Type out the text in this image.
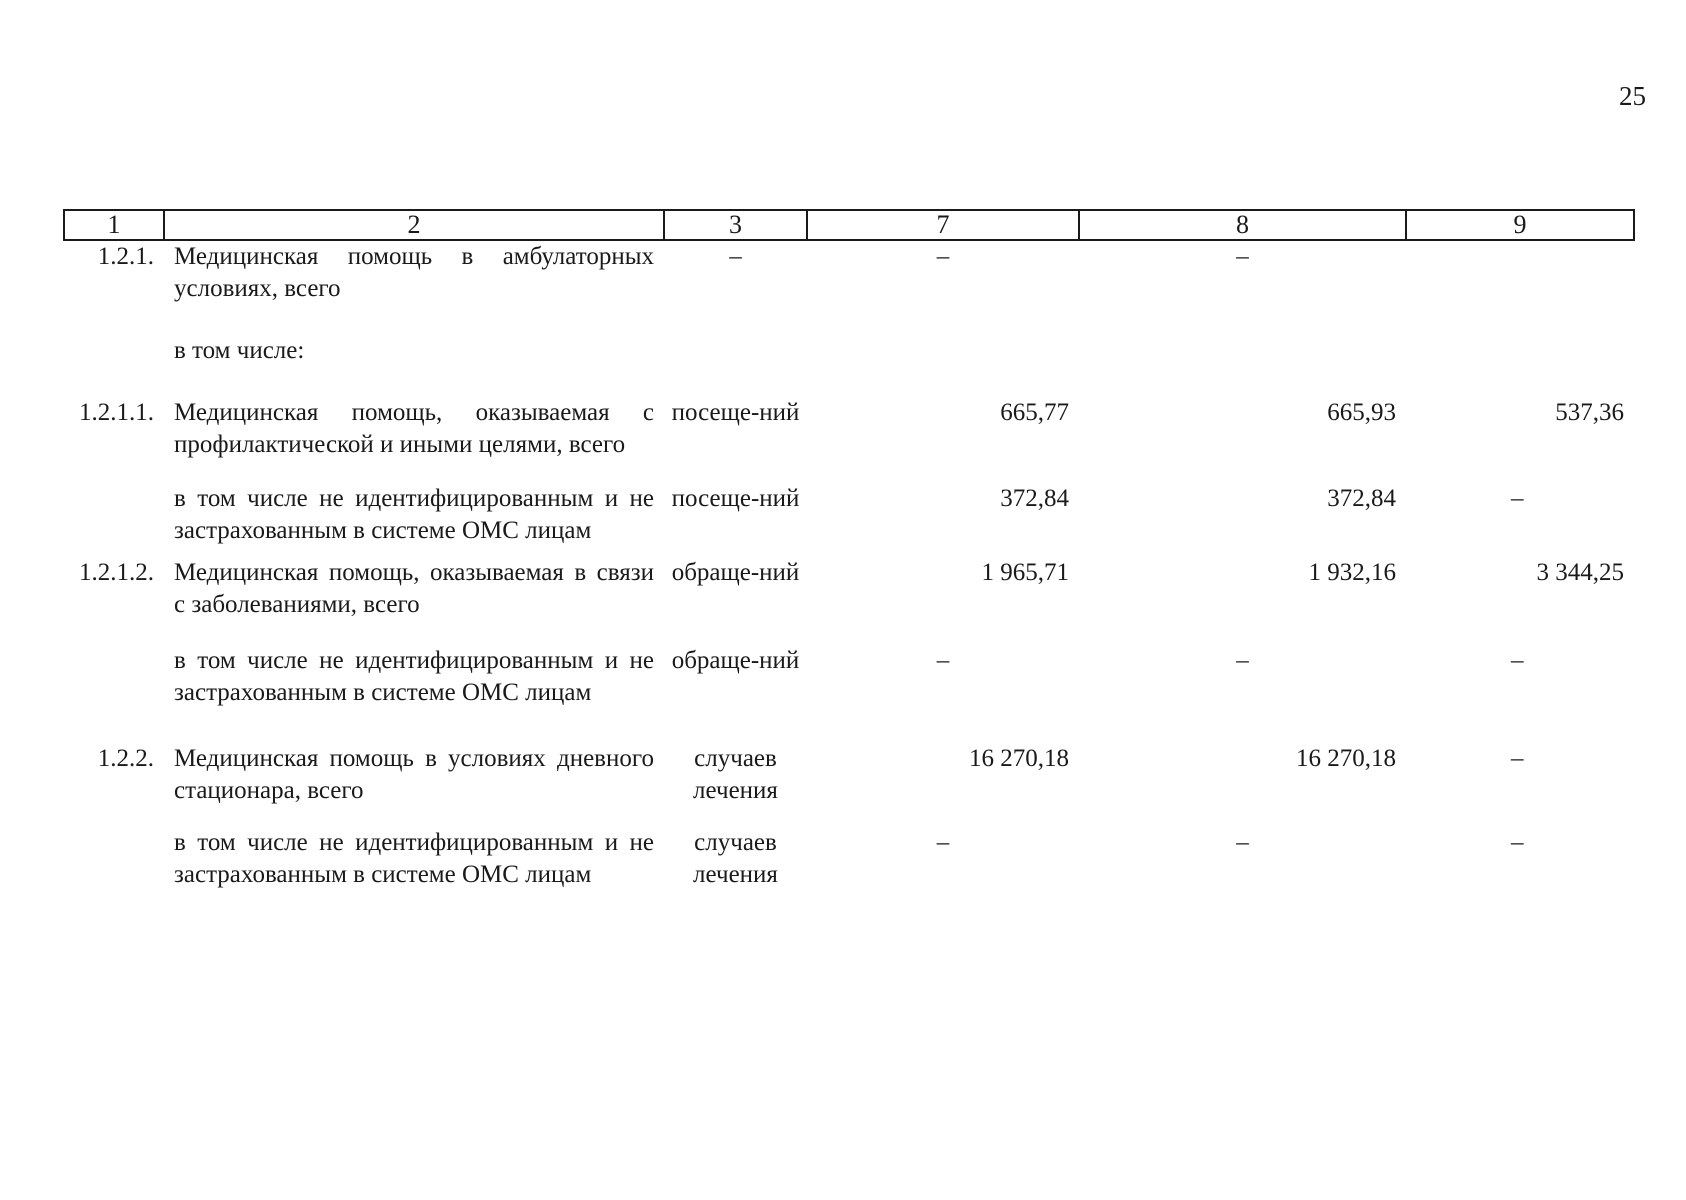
25
1	2	3	7	8	9
1.2.1.	Медицинская помощь в амбулаторных условиях, всего	–	–	–	

	в том числе:				

1.2.1.1.	Медицинская помощь, оказываемая с профилактической и иными целями, всего	посеще-ний	665,77	665,93	537,36

	в том числе не идентифицированным и не застрахованным в системе ОМС лицам	посеще-ний	372,84	372,84	–

1.2.1.2.	Медицинская помощь, оказываемая в связи с заболеваниями, всего	обраще-ний	1 965,71	1 932,16	3 344,25

	в том числе не идентифицированным и не застрахованным в системе ОМС лицам	обраще-ний	–	–	–

1.2.2.	Медицинская помощь в условиях дневного стационара, всего	случаев лечения	16 270,18	16 270,18	–

	в том числе не идентифицированным и не застрахованным в системе ОМС лицам	случаев лечения	–	–	–
